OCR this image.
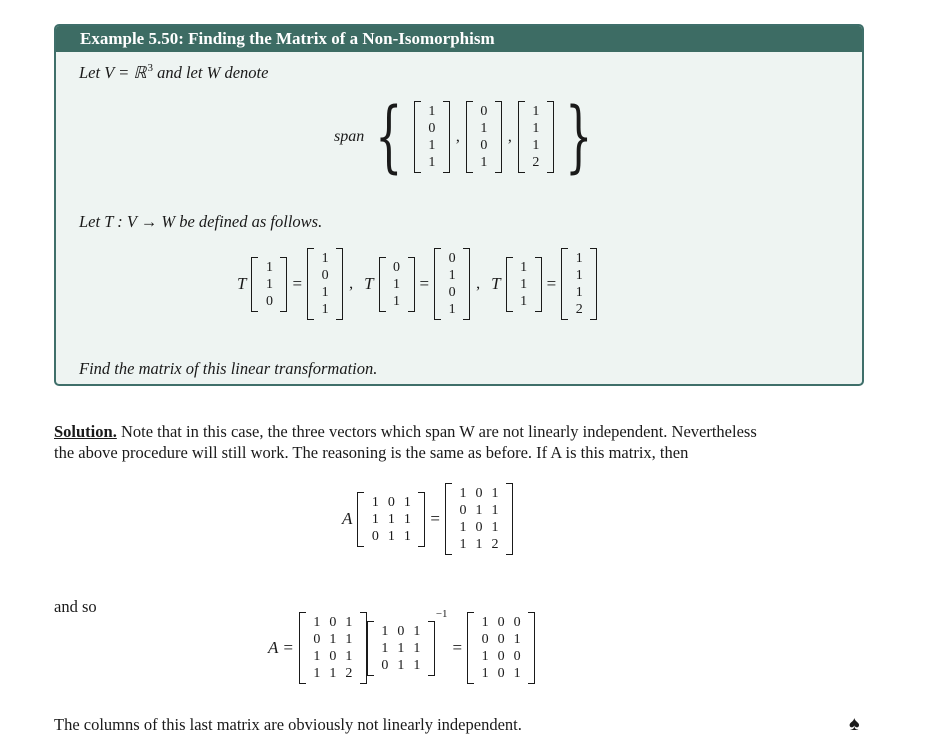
Example 5.50: Finding the Matrix of a Non-Isomorphism
Let V = ℝ$^3$ and let W denote
span { 1
0
1
1
,
0
1
0
1
,
1
1
1
2 }
Let T : V → W be defined as follows.
T
1
1
0
=
1
0
1
1
, T
0
1
1
=
0
1
0
1
, T
1
1
1
=
1
1
1
2
Find the matrix of this linear transformation.
Solution. Note that in this case, the three vectors which span W are not linearly independent. Nevertheless
the above procedure will still work. The reasoning is the same as before. If A is this matrix, then
A
1	0	1
1	1	1
0	1	1
=
1	0	1
0	1	1
1	0	1
1	1	2
and so
A =
1	0	1
0	1	1
1	0	1
1	1	2
1	0	1
1	1	1
0	1	1
−1
=
1	0	0
0	0	1
1	0	0
1	0	1
The columns of this last matrix are obviously not linearly independent.	♠
